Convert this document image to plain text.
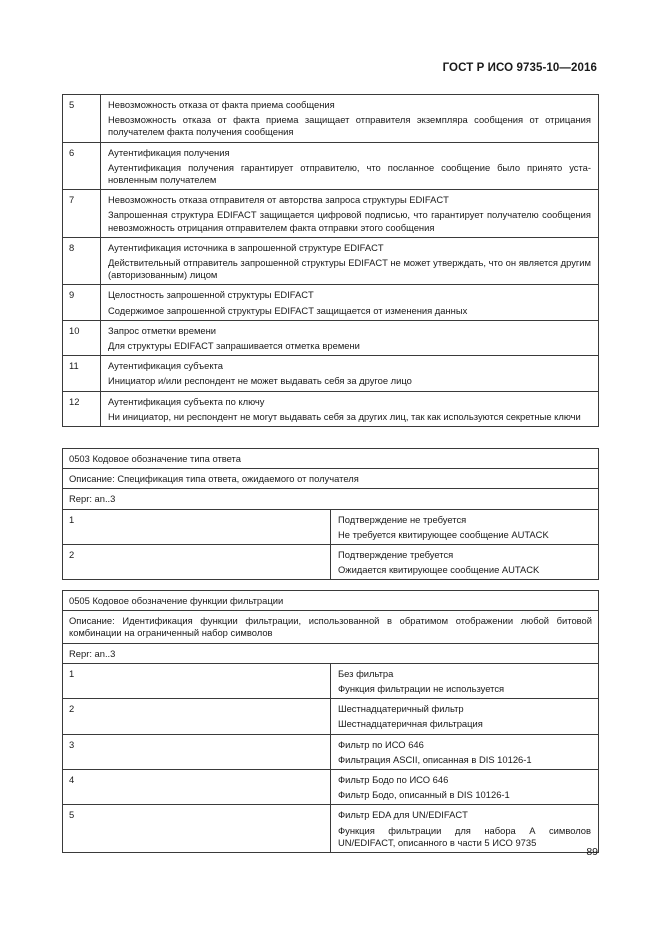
ГОСТ Р ИСО 9735-10—2016
5	Невозможность отказа от факта приема сообщения
Невозможность отказа от факта приема защищает отправителя экземпляра сообщения от отрицания получателем факта получения сообщения

6	Аутентификация получения
Аутентификация получения гарантирует отправителю, что посланное сообщение было принято установленным получателем

7	Невозможность отказа отправителя от авторства запроса структуры EDIFACT
Запрошенная структура EDIFACT защищается цифровой подписью, что гарантирует получателю сообщения невозможность отрицания отправителем факта отправки этого сообщения

8	Аутентификация источника в запрошенной структуре EDIFACT
Действительный отправитель запрошенной структуры EDIFACT не может утверждать, что он является другим (авторизованным) лицом

9	Целостность запрошенной структуры EDIFACT
Содержимое запрошенной структуры EDIFACT защищается от изменения данных

10	Запрос отметки времени
Для структуры EDIFACT запрашивается отметка времени

11	Аутентификация субъекта
Инициатор и/или респондент не может выдавать себя за другое лицо

12	Аутентификация субъекта по ключу
Ни инициатор, ни респондент не могут выдавать себя за других лиц, так как используются секретные ключи
0503 Кодовое обозначение типа ответа	
Описание: Спецификация типа ответа, ожидаемого от получателя	
Repr: an..3	
1	Подтверждение не требуется
Не требуется квитирующее сообщение AUTACK

2	Подтверждение требуется
Ожидается квитирующее сообщение AUTACK
0505 Кодовое обозначение функции фильтрации	

Описание: Идентификация функции фильтрации, использованной в обратимом отображении любой битовой комбинации на ограниченный набор символов	

Repr: an..3	
1	Без фильтра
Функция фильтрации не используется

2	Шестнадцатеричный фильтр
Шестнадцатеричная фильтрация

3	Фильтр по ИСО 646
Фильтрация ASCII, описанная в DIS 10126-1

4	Фильтр Бодо по ИСО 646
Фильтр Бодо, описанный в DIS 10126-1

5	Фильтр EDA для UN/EDIFACT
Функция фильтрации для набора А символов UN/EDIFACT, описанного в части 5 ИСО 9735
89
